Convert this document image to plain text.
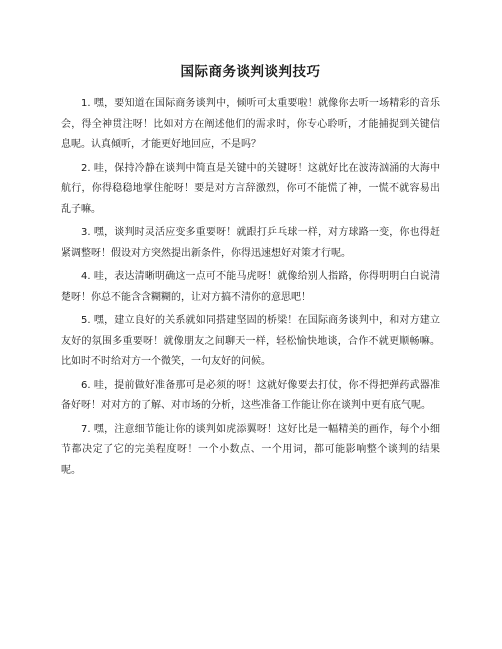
国际商务谈判谈判技巧

1. 嘿，要知道在国际商务谈判中，倾听可太重要啦！就像你去听一场精彩的音乐会，得全神贯注呀！比如对方在阐述他们的需求时，你专心聆听，才能捕捉到关键信息呢。认真倾听，才能更好地回应，不是吗？

2. 哇，保持冷静在谈判中简直是关键中的关键呀！这就好比在波涛汹涌的大海中航行，你得稳稳地掌住舵呀！要是对方言辞激烈，你可不能慌了神，一慌不就容易出乱子嘛。

3. 嘿，谈判时灵活应变多重要呀！就跟打乒乓球一样，对方球路一变，你也得赶紧调整呀！假设对方突然提出新条件，你得迅速想好对策才行呢。

4. 哇，表达清晰明确这一点可不能马虎呀！就像给别人指路，你得明明白白说清楚呀！你总不能含含糊糊的，让对方搞不清你的意思吧！

5. 嘿，建立良好的关系就如同搭建坚固的桥梁！在国际商务谈判中，和对方建立友好的氛围多重要呀！就像朋友之间聊天一样，轻松愉快地谈，合作不就更顺畅嘛。比如时不时给对方一个微笑，一句友好的问候。

6. 哇，提前做好准备那可是必须的呀！这就好像要去打仗，你不得把弹药武器准备好呀！对对方的了解、对市场的分析，这些准备工作能让你在谈判中更有底气呢。

7. 嘿，注意细节能让你的谈判如虎添翼呀！这好比是一幅精美的画作，每个小细节都决定了它的完美程度呀！一个小数点、一个用词，都可能影响整个谈判的结果呢。
